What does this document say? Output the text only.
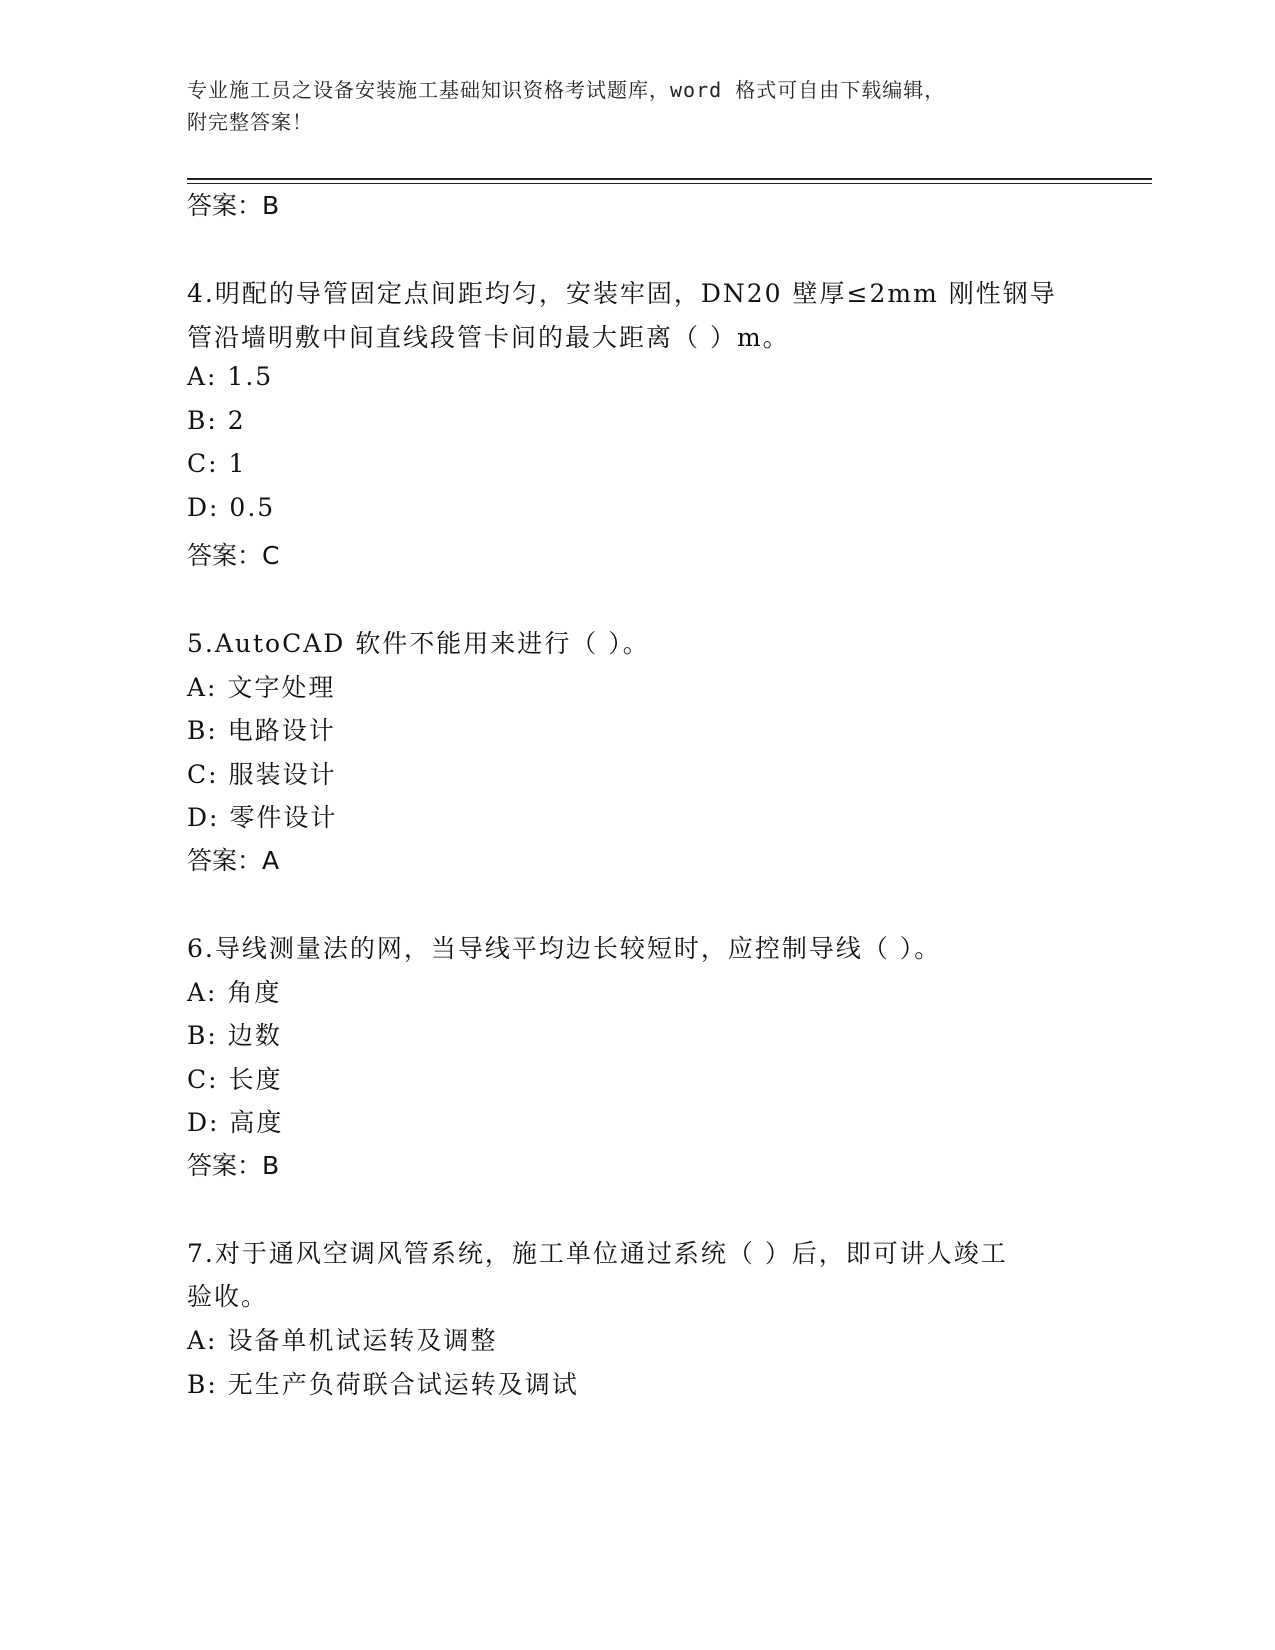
专业施工员之设备安装施工基础知识资格考试题库，word 格式可自由下载编辑，
附完整答案！
答案：B
4.明配的导管固定点间距均匀，安装牢固，DN20 壁厚≤2mm 刚性钢导
管沿墙明敷中间直线段管卡间的最大距离（ ）m。
A: 1.5
B: 2
C: 1
D: 0.5
答案：C
5.AutoCAD 软件不能用来进行（ ）。
A: 文字处理
B: 电路设计
C: 服装设计
D: 零件设计
答案：A
6.导线测量法的网，当导线平均边长较短时，应控制导线（ ）。
A: 角度
B: 边数
C: 长度
D: 高度
答案：B
7.对于通风空调风管系统，施工单位通过系统（ ）后，即可讲人竣工
验收。
A: 设备单机试运转及调整
B: 无生产负荷联合试运转及调试
